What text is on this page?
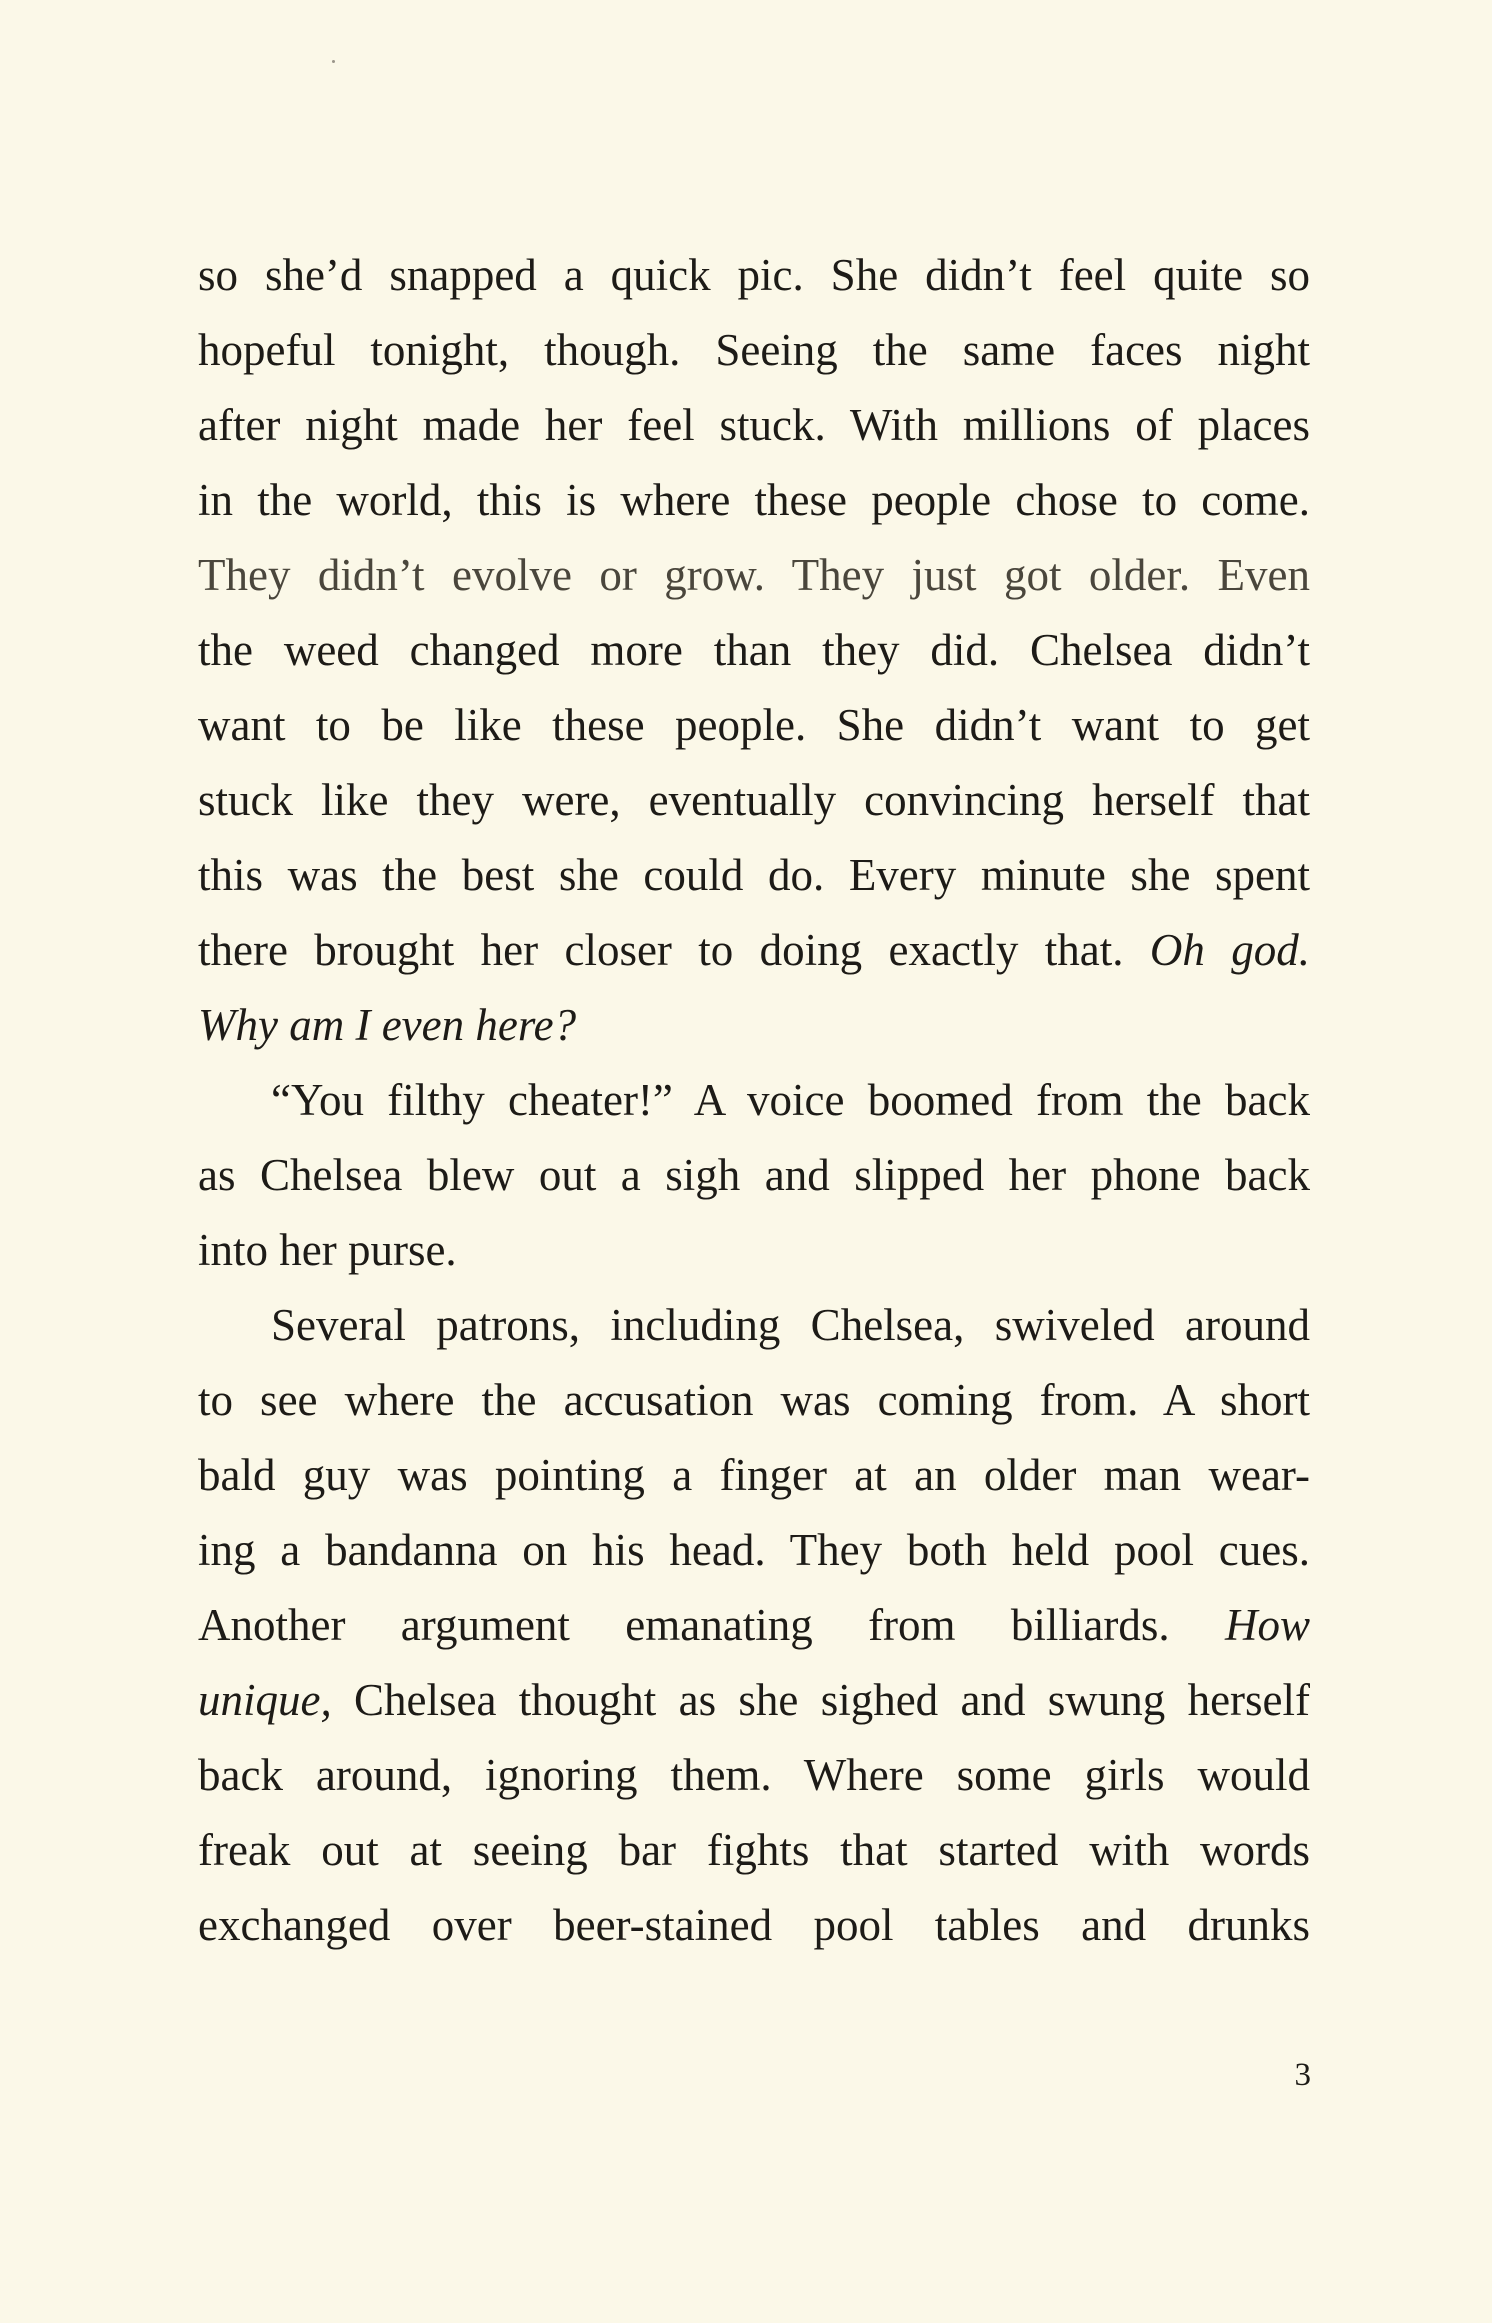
so she’d snapped a quick pic. She didn’t feel quite so
hopeful tonight, though. Seeing the same faces night
after night made her feel stuck. With millions of places
in the world, this is where these people chose to come.
They didn’t evolve or grow. They just got older. Even
the weed changed more than they did. Chelsea didn’t
want to be like these people. She didn’t want to get
stuck like they were, eventually convincing herself that
this was the best she could do. Every minute she spent
there brought her closer to doing exactly that. Oh god.
Why am I even here?
“You filthy cheater!” A voice boomed from the back
as Chelsea blew out a sigh and slipped her phone back
into her purse.
Several patrons, including Chelsea, swiveled around
to see where the accusation was coming from. A short
bald guy was pointing a finger at an older man wear-
ing a bandanna on his head. They both held pool cues.
Another argument emanating from billiards. How
unique, Chelsea thought as she sighed and swung herself
back around, ignoring them. Where some girls would
freak out at seeing bar fights that started with words
exchanged over beer-stained pool tables and drunks
3
